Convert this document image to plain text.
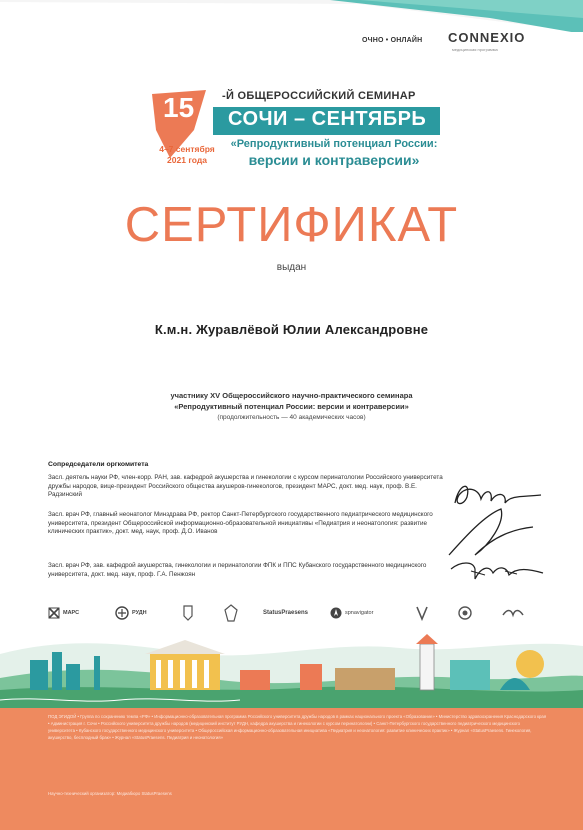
ОЧНО • ОНЛАЙН CONNEXIO
медицинская программа
15	-Й ОБЩЕРОССИЙСКИЙ СЕМИНАР
СОЧИ – СЕНТЯБРЬ
4–7 сентября
2021 года
«Репродуктивный потенциал России:
версии и контраверсии»
СЕРТИФИКАТ
выдан
К.м.н. Журавлёвой Юлии Александровне
участнику XV Общероссийского научно-практического семинара
«Репродуктивный потенциал России: версии и контраверсии»
(продолжительность — 40 академических часов)
Сопредседатели оргкомитета
Засл. деятель науки РФ, член-корр. РАН, зав. кафедрой акушерства и гинекологии с курсом перинатологии Российского университета дружбы народов, вице-президент Российского общества акушеров-гинекологов, президент МАРС, докт. мед. наук, проф. В.Е. Радзинский
Засл. врач РФ, главный неонатолог Минздрава РФ, ректор Санкт-Петербургского государственного педиатрического медицинского университета, президент Общероссийской информационно-образовательной инициативы «Педиатрия и неонатология: развитие клинических практик», докт. мед. наук, проф. Д.О. Иванов
Засл. врач РФ, зав. кафедрой акушерства, гинекологии и перинатологии ФПК и ППС Кубанского государственного медицинского университета, докт. мед. наук, проф. Г.А. Пенжоян
МАРС	РУДН	StatusPraesens	spnavigator
ПОД ЭГИДОЙ • Группа по сохранению темпа «РФ» • Информационно-образовательная программа Российского университета дружбы народов в рамках национального проекта «Образование» • Министерство здравоохранения Краснодарского края • Администрация г. Сочи • Российского университета дружбы народов (медицинский институт РУДН, кафедра акушерства и гинекологии с курсом перинатологии) • Санкт-Петербургского государственного педиатрического медицинского университета • Кубанского государственного медицинского университета • Общероссийская информационно-образовательная инициатива «Педиатрия и неонатология: развитие клинических практик» • Журнал «StatusPraesens. Гинекология, акушерство, бесплодный брак» • Журнал «StatusPraesens. Педиатрия и неонатология»
Научно-технический организатор: Медиабюро StatusPraesens
